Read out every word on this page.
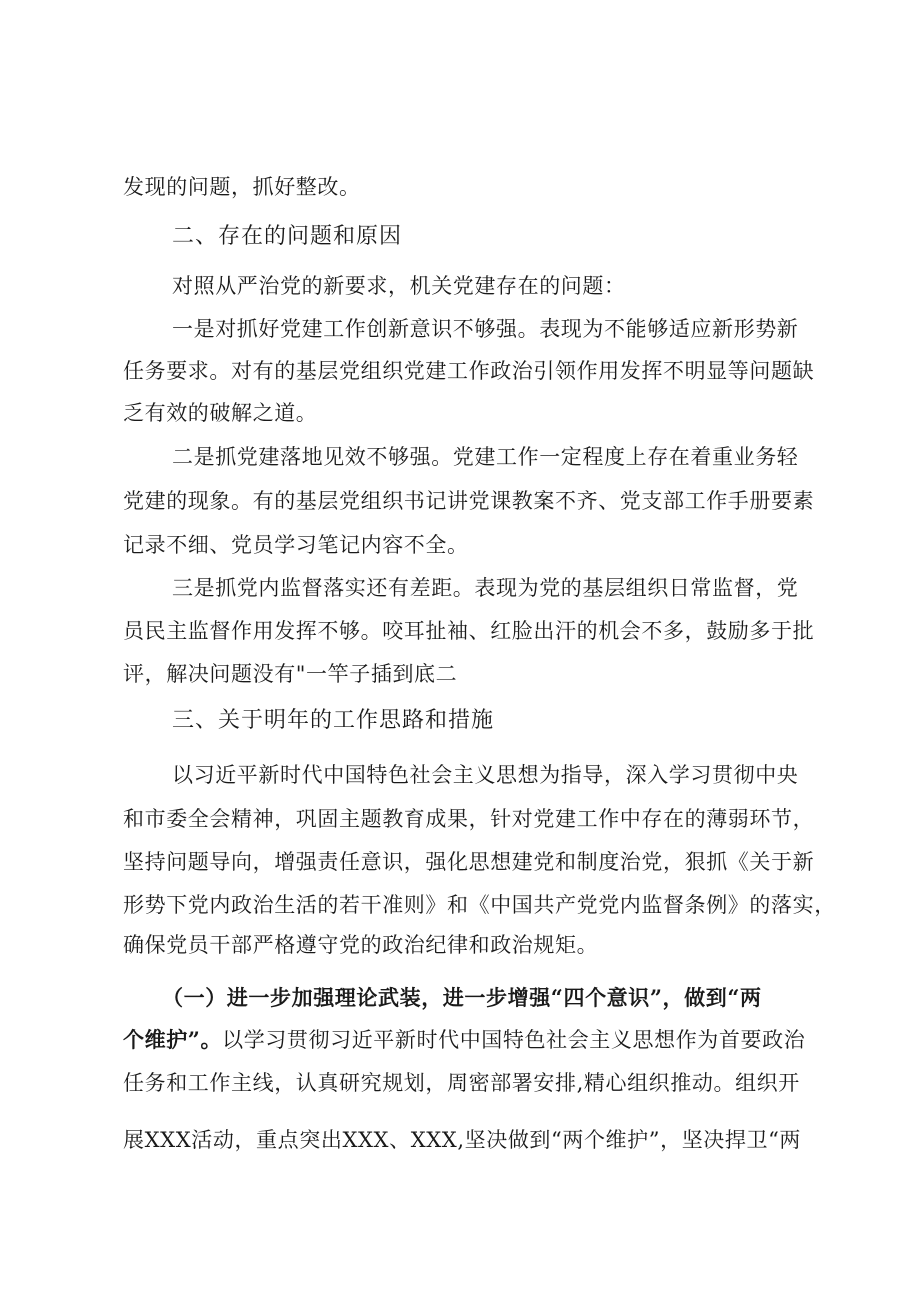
发现的问题，抓好整改。
二、存在的问题和原因
对照从严治党的新要求，机关党建存在的问题：
一是对抓好党建工作创新意识不够强。表现为不能够适应新形势新
任务要求。对有的基层党组织党建工作政治引领作用发挥不明显等问题缺
乏有效的破解之道。
二是抓党建落地见效不够强。党建工作一定程度上存在着重业务轻
党建的现象。有的基层党组织书记讲党课教案不齐、党支部工作手册要素
记录不细、党员学习笔记内容不全。
三是抓党内监督落实还有差距。表现为党的基层组织日常监督，党
员民主监督作用发挥不够。咬耳扯袖、红脸出汗的机会不多，鼓励多于批
评，解决问题没有"一竿子插到底二
三、关于明年的工作思路和措施
以习近平新时代中国特色社会主义思想为指导，深入学习贯彻中央
和市委全会精神，巩固主题教育成果，针对党建工作中存在的薄弱环节，
坚持问题导向，增强责任意识，强化思想建党和制度治党，狠抓《关于新
形势下党内政治生活的若干准则》和《中国共产党党内监督条例》的落实，
确保党员干部严格遵守党的政治纪律和政治规矩。
（一）进一步加强理论武装，进一步增强“四个意识”，做到“两
个维护”。以学习贯彻习近平新时代中国特色社会主义思想作为首要政治
任务和工作主线，认真研究规划，周密部署安排,精心组织推动。组织开
展XXX活动，重点突出XXX、XXX,坚决做到“两个维护”，坚决捍卫“两
